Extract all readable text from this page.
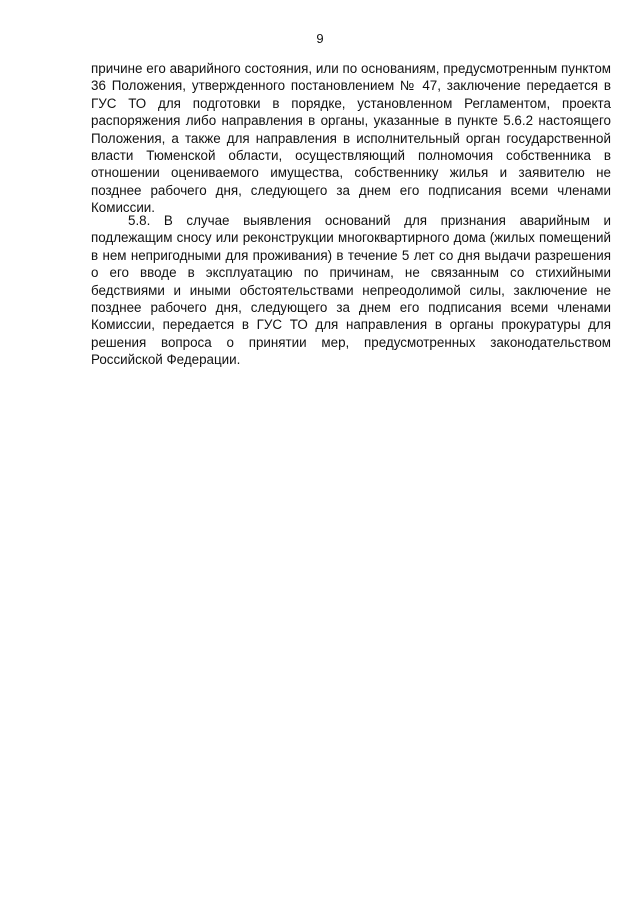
9

причине его аварийного состояния, или по основаниям, предусмотренным пунктом 36 Положения, утвержденного постановлением № 47, заключение передается в ГУС ТО для подготовки в порядке, установленном Регламентом, проекта распоряжения либо направления в органы, указанные в пункте 5.6.2 настоящего Положения, а также для направления в исполнительный орган государственной власти Тюменской области, осуществляющий полномочия собственника в отношении оцениваемого имущества, собственнику жилья и заявителю не позднее рабочего дня, следующего за днем его подписания всеми членами Комиссии.

5.8. В случае выявления оснований для признания аварийным и подлежащим сносу или реконструкции многоквартирного дома (жилых помещений в нем непригодными для проживания) в течение 5 лет со дня выдачи разрешения о его вводе в эксплуатацию по причинам, не связанным со стихийными бедствиями и иными обстоятельствами непреодолимой силы, заключение не позднее рабочего дня, следующего за днем его подписания всеми членами Комиссии, передается в ГУС ТО для направления в органы прокуратуры для решения вопроса о принятии мер, предусмотренных законодательством Российской Федерации.
